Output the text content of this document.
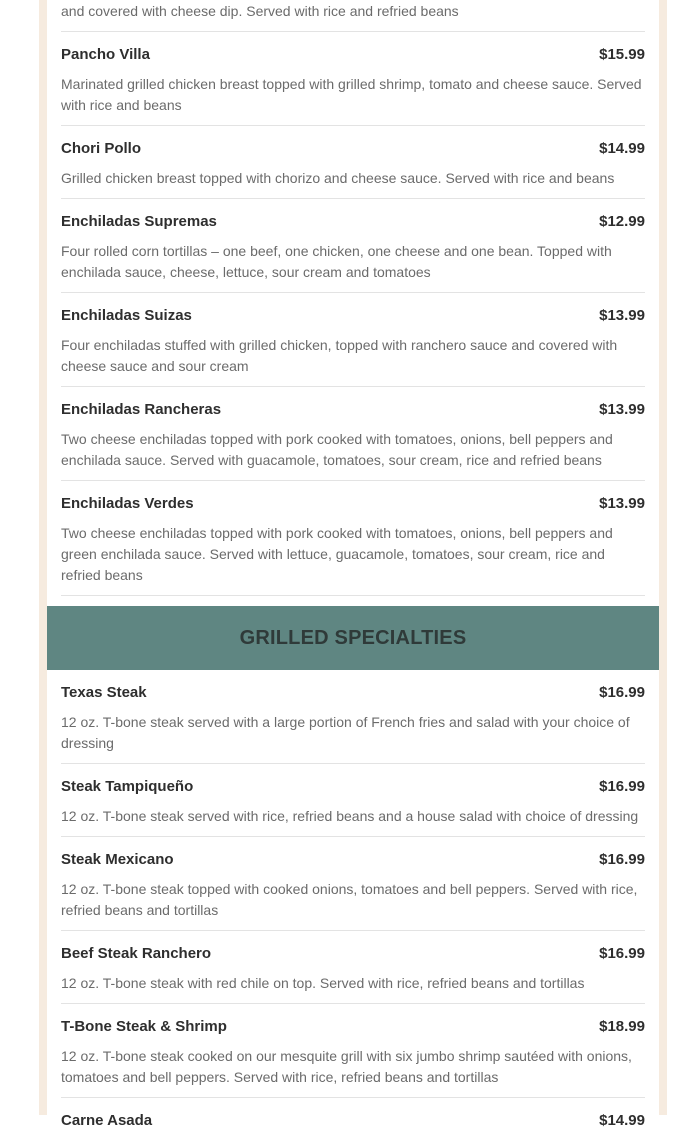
and covered with cheese dip. Served with rice and refried beans
Pancho Villa	$15.99
Marinated grilled chicken breast topped with grilled shrimp, tomato and cheese sauce. Served with rice and beans
Chori Pollo	$14.99
Grilled chicken breast topped with chorizo and cheese sauce. Served with rice and beans
Enchiladas Supremas	$12.99
Four rolled corn tortillas – one beef, one chicken, one cheese and one bean. Topped with enchilada sauce, cheese, lettuce, sour cream and tomatoes
Enchiladas Suizas	$13.99
Four enchiladas stuffed with grilled chicken, topped with ranchero sauce and covered with cheese sauce and sour cream
Enchiladas Rancheras	$13.99
Two cheese enchiladas topped with pork cooked with tomatoes, onions, bell peppers and enchilada sauce. Served with guacamole, tomatoes, sour cream, rice and refried beans
Enchiladas Verdes	$13.99
Two cheese enchiladas topped with pork cooked with tomatoes, onions, bell peppers and green enchilada sauce. Served with lettuce, guacamole, tomatoes, sour cream, rice and refried beans
GRILLED SPECIALTIES
Texas Steak	$16.99
12 oz. T-bone steak served with a large portion of French fries and salad with your choice of dressing
Steak Tampiqueño	$16.99
12 oz. T-bone steak served with rice, refried beans and a house salad with choice of dressing
Steak Mexicano	$16.99
12 oz. T-bone steak topped with cooked onions, tomatoes and bell peppers. Served with rice, refried beans and tortillas
Beef Steak Ranchero	$16.99
12 oz. T-bone steak with red chile on top. Served with rice, refried beans and tortillas
T-Bone Steak & Shrimp	$18.99
12 oz. T-bone steak cooked on our mesquite grill with six jumbo shrimp sautéed with onions, tomatoes and bell peppers. Served with rice, refried beans and tortillas
Carne Asada	$14.99
